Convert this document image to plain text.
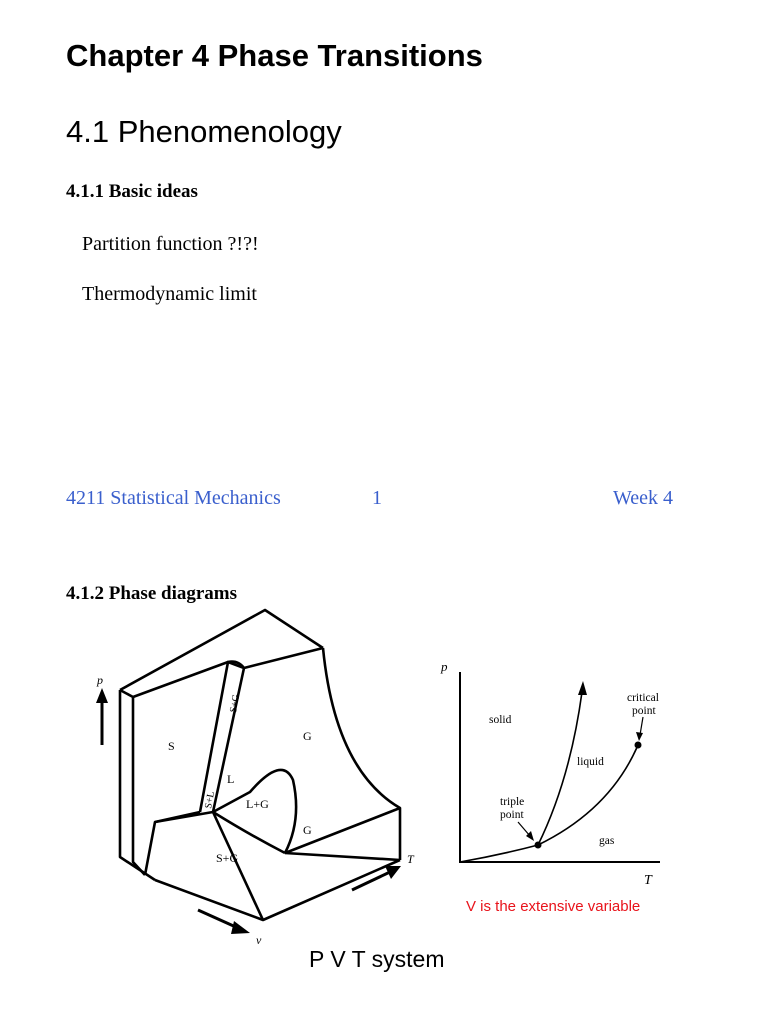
Chapter 4 Phase Transitions
4.1 Phenomenology
4.1.1 Basic ideas
Partition function ?!?!
Thermodynamic limit
4211 Statistical Mechanics	1	Week 4
4.1.2 Phase diagrams
p
v
T
S
G
L
L+G
G
S+G
S+L
S+G
p
T
solid
liquid
gas
critical
point
triple
point
V is the extensive variable
P V T system
